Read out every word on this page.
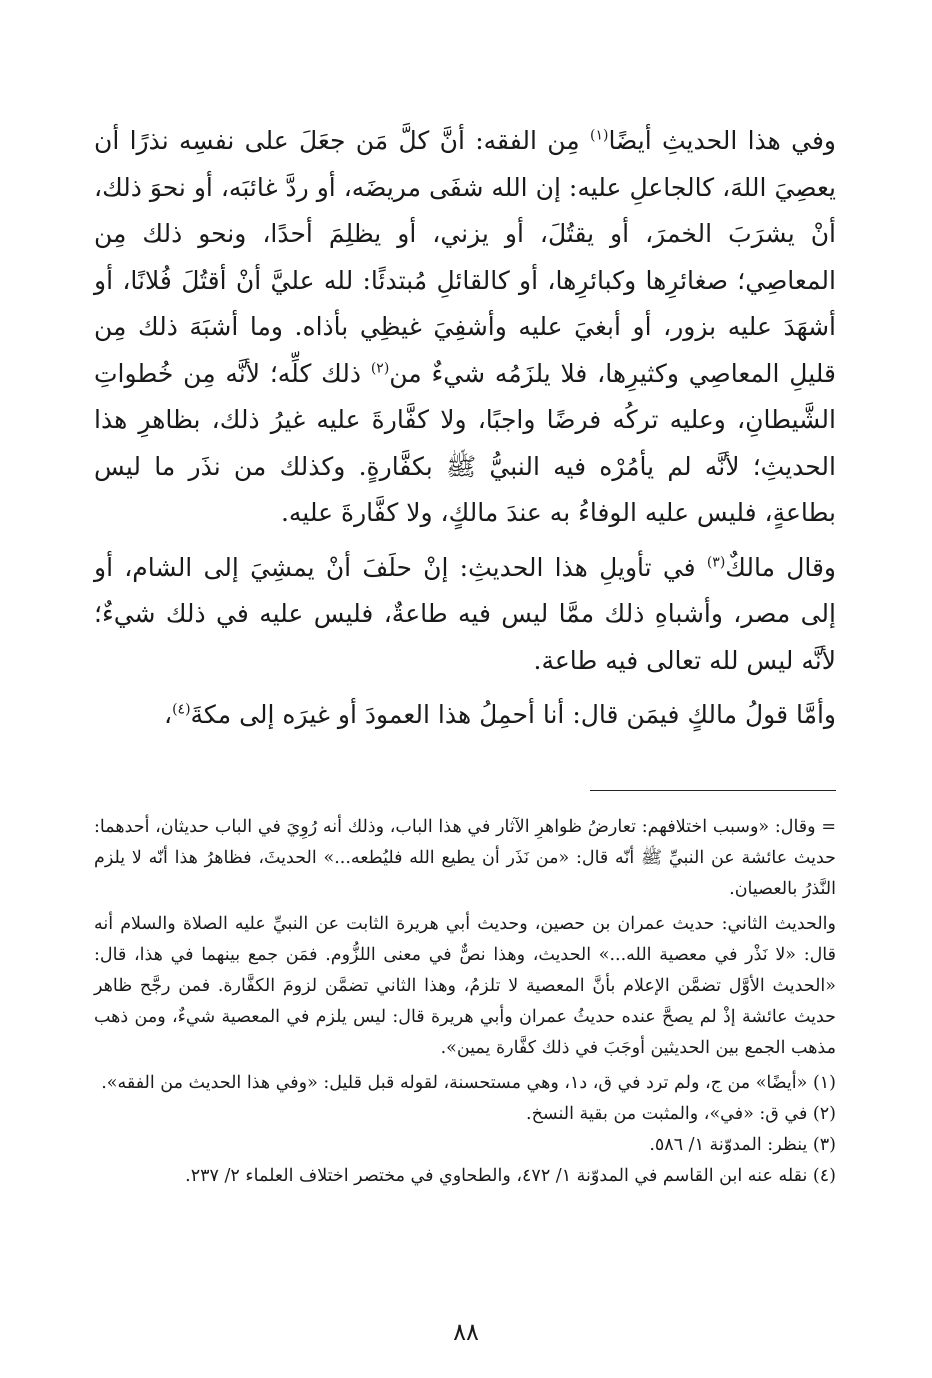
وفي هذا الحديثِ أيضًا$^{(١)}$ مِن الفقه: أنَّ كلَّ مَن جعَلَ على نفسِه نذرًا أن يعصِيَ اللهَ، كالجاعلِ عليه: إن الله شفَى مريضَه، أو ردَّ غائبَه، أو نحوَ ذلك، أنْ يشرَبَ الخمرَ، أو يقتُلَ، أو يزني، أو يظلِمَ أحدًا، ونحو ذلك مِن المعاصِي؛ صغائرِها وكبائرِها، أو كالقائلِ مُبتدئًا: لله عليَّ أنْ أقتُلَ فُلانًا، أو أشهَدَ عليه بزور، أو أبغيَ عليه وأشفِيَ غيظِي بأذاه. وما أشبَهَ ذلك مِن قليلِ المعاصِي وكثيرِها، فلا يلزَمُه شيءٌ من$^{(٢)}$ ذلك كلِّه؛ لأنَّه مِن خُطواتِ الشَّيطانِ، وعليه تركُه فرضًا واجبًا، ولا كفَّارةَ عليه غيرُ ذلك، بظاهرِ هذا الحديثِ؛ لأنَّه لم يأمُرْه فيه النبيُّ ﷺ بكفَّارةٍ. وكذلك من نذَر ما ليس بطاعةٍ، فليس عليه الوفاءُ به عندَ مالكٍ، ولا كفَّارةَ عليه.

وقال مالكٌ$^{(٣)}$ في تأويلِ هذا الحديثِ: إنْ حلَفَ أنْ يمشِيَ إلى الشام، أو إلى مصر، وأشباهِ ذلك ممَّا ليس فيه طاعةٌ، فليس عليه في ذلك شيءٌ؛ لأنَّه ليس لله تعالى فيه طاعة.

وأمَّا قولُ مالكٍ فيمَن قال: أنا أحمِلُ هذا العمودَ أو غيرَه إلى مكةَ$^{(٤)}$،

= وقال: «وسبب اختلافهم: تعارضُ ظواهرِ الآثار في هذا الباب، وذلك أنه رُوِيَ في الباب حديثان، أحدهما: حديث عائشة عن النبيِّ ﷺ أنّه قال: «من نَذَر أن يطيع الله فليُطعه...» الحديثَ، فظاهرُ هذا أنّه لا يلزم النَّذرُ بالعصيان.

والحديث الثاني: حديث عمران بن حصين، وحديث أبي هريرة الثابت عن النبيِّ عليه الصلاة والسلام أنه قال: «لا نَذْر في معصية الله...» الحديث، وهذا نصٌّ في معنى اللزُّوم. فمَن جمع بينهما في هذا، قال: «الحديث الأوَّل تضمَّن الإعلام بأنَّ المعصية لا تلزمُ، وهذا الثاني تضمَّن لزومَ الكفَّارة. فمن رجَّح ظاهر حديث عائشة إذْ لم يصحَّ عنده حديثُ عمران وأبي هريرة قال: ليس يلزم في المعصية شيءٌ، ومن ذهب مذهب الجمع بين الحديثين أوجَبَ في ذلك كفَّارة يمين».

(١) «أيضًا» من ج، ولم ترد في ق، د١، وهي مستحسنة، لقوله قبل قليل: «وفي هذا الحديث من الفقه».

(٢) في ق: «في»، والمثبت من بقية النسخ.

(٣) ينظر: المدوّنة ١/ ٥٨٦.

(٤) نقله عنه ابن القاسم في المدوّنة ١/ ٤٧٢، والطحاوي في مختصر اختلاف العلماء ٢/ ٢٣٧.

٨٨
